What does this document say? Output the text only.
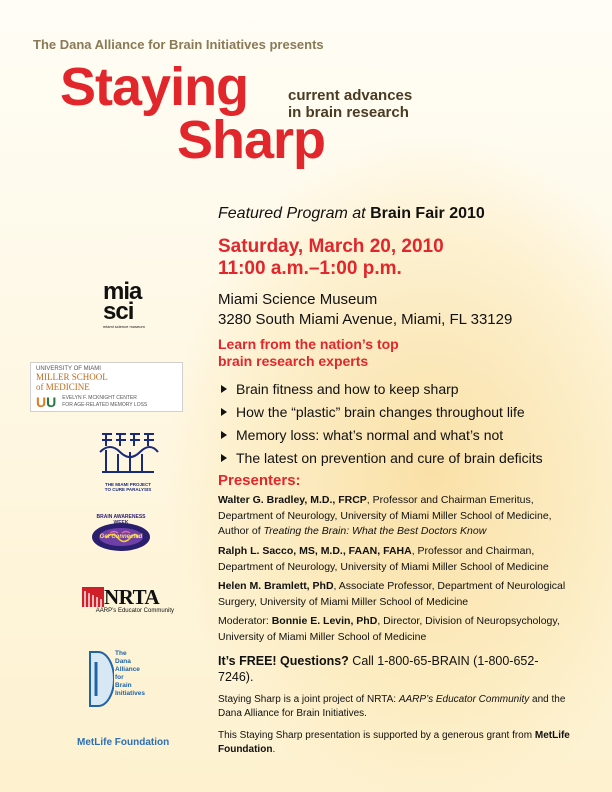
The Dana Alliance for Brain Initiatives presents
Staying
Sharp
current advances
in brain research
Featured Program at Brain Fair 2010
Saturday, March 20, 2010
11:00 a.m.–1:00 p.m.
Miami Science Museum
3280 South Miami Avenue, Miami, FL 33129
Learn from the nation’s top
brain research experts
Brain fitness and how to keep sharp
How the “plastic” brain changes throughout life
Memory loss: what’s normal and what’s not
The latest on prevention and cure of brain deficits
Presenters:
Walter G. Bradley, M.D., FRCP, Professor and Chairman Emeritus, Department of Neurology, University of Miami Miller School of Medicine, Author of Treating the Brain: What the Best Doctors Know
Ralph L. Sacco, MS, M.D., FAAN, FAHA, Professor and Chairman, Department of Neurology, University of Miami Miller School of Medicine
Helen M. Bramlett, PhD, Associate Professor, Department of Neurological Surgery, University of Miami Miller School of Medicine
Moderator: Bonnie E. Levin, PhD, Director, Division of Neuropsychology, University of Miami Miller School of Medicine
It’s FREE! Questions? Call 1-800-65-BRAIN (1-800-652-7246).
Staying Sharp is a joint project of NRTA: AARP’s Educator Community and the Dana Alliance for Brain Initiatives.
This Staying Sharp presentation is supported by a generous grant from MetLife Foundation.
mia
sci
miami science museum
UNIVERSITY OF MIAMI
MILLER SCHOOL
of MEDICINE
UU EVELYN F. MCKNIGHT CENTER
FOR AGE-RELATED MEMORY LOSS
THE MIAMI PROJECT
TO CURE PARALYSIS
BRAIN AWARENESS WEEK
Get Connected
NRTA
AARP’s Educator Community
The
Dana
Alliance
for
Brain
Initiatives
MetLife Foundation
